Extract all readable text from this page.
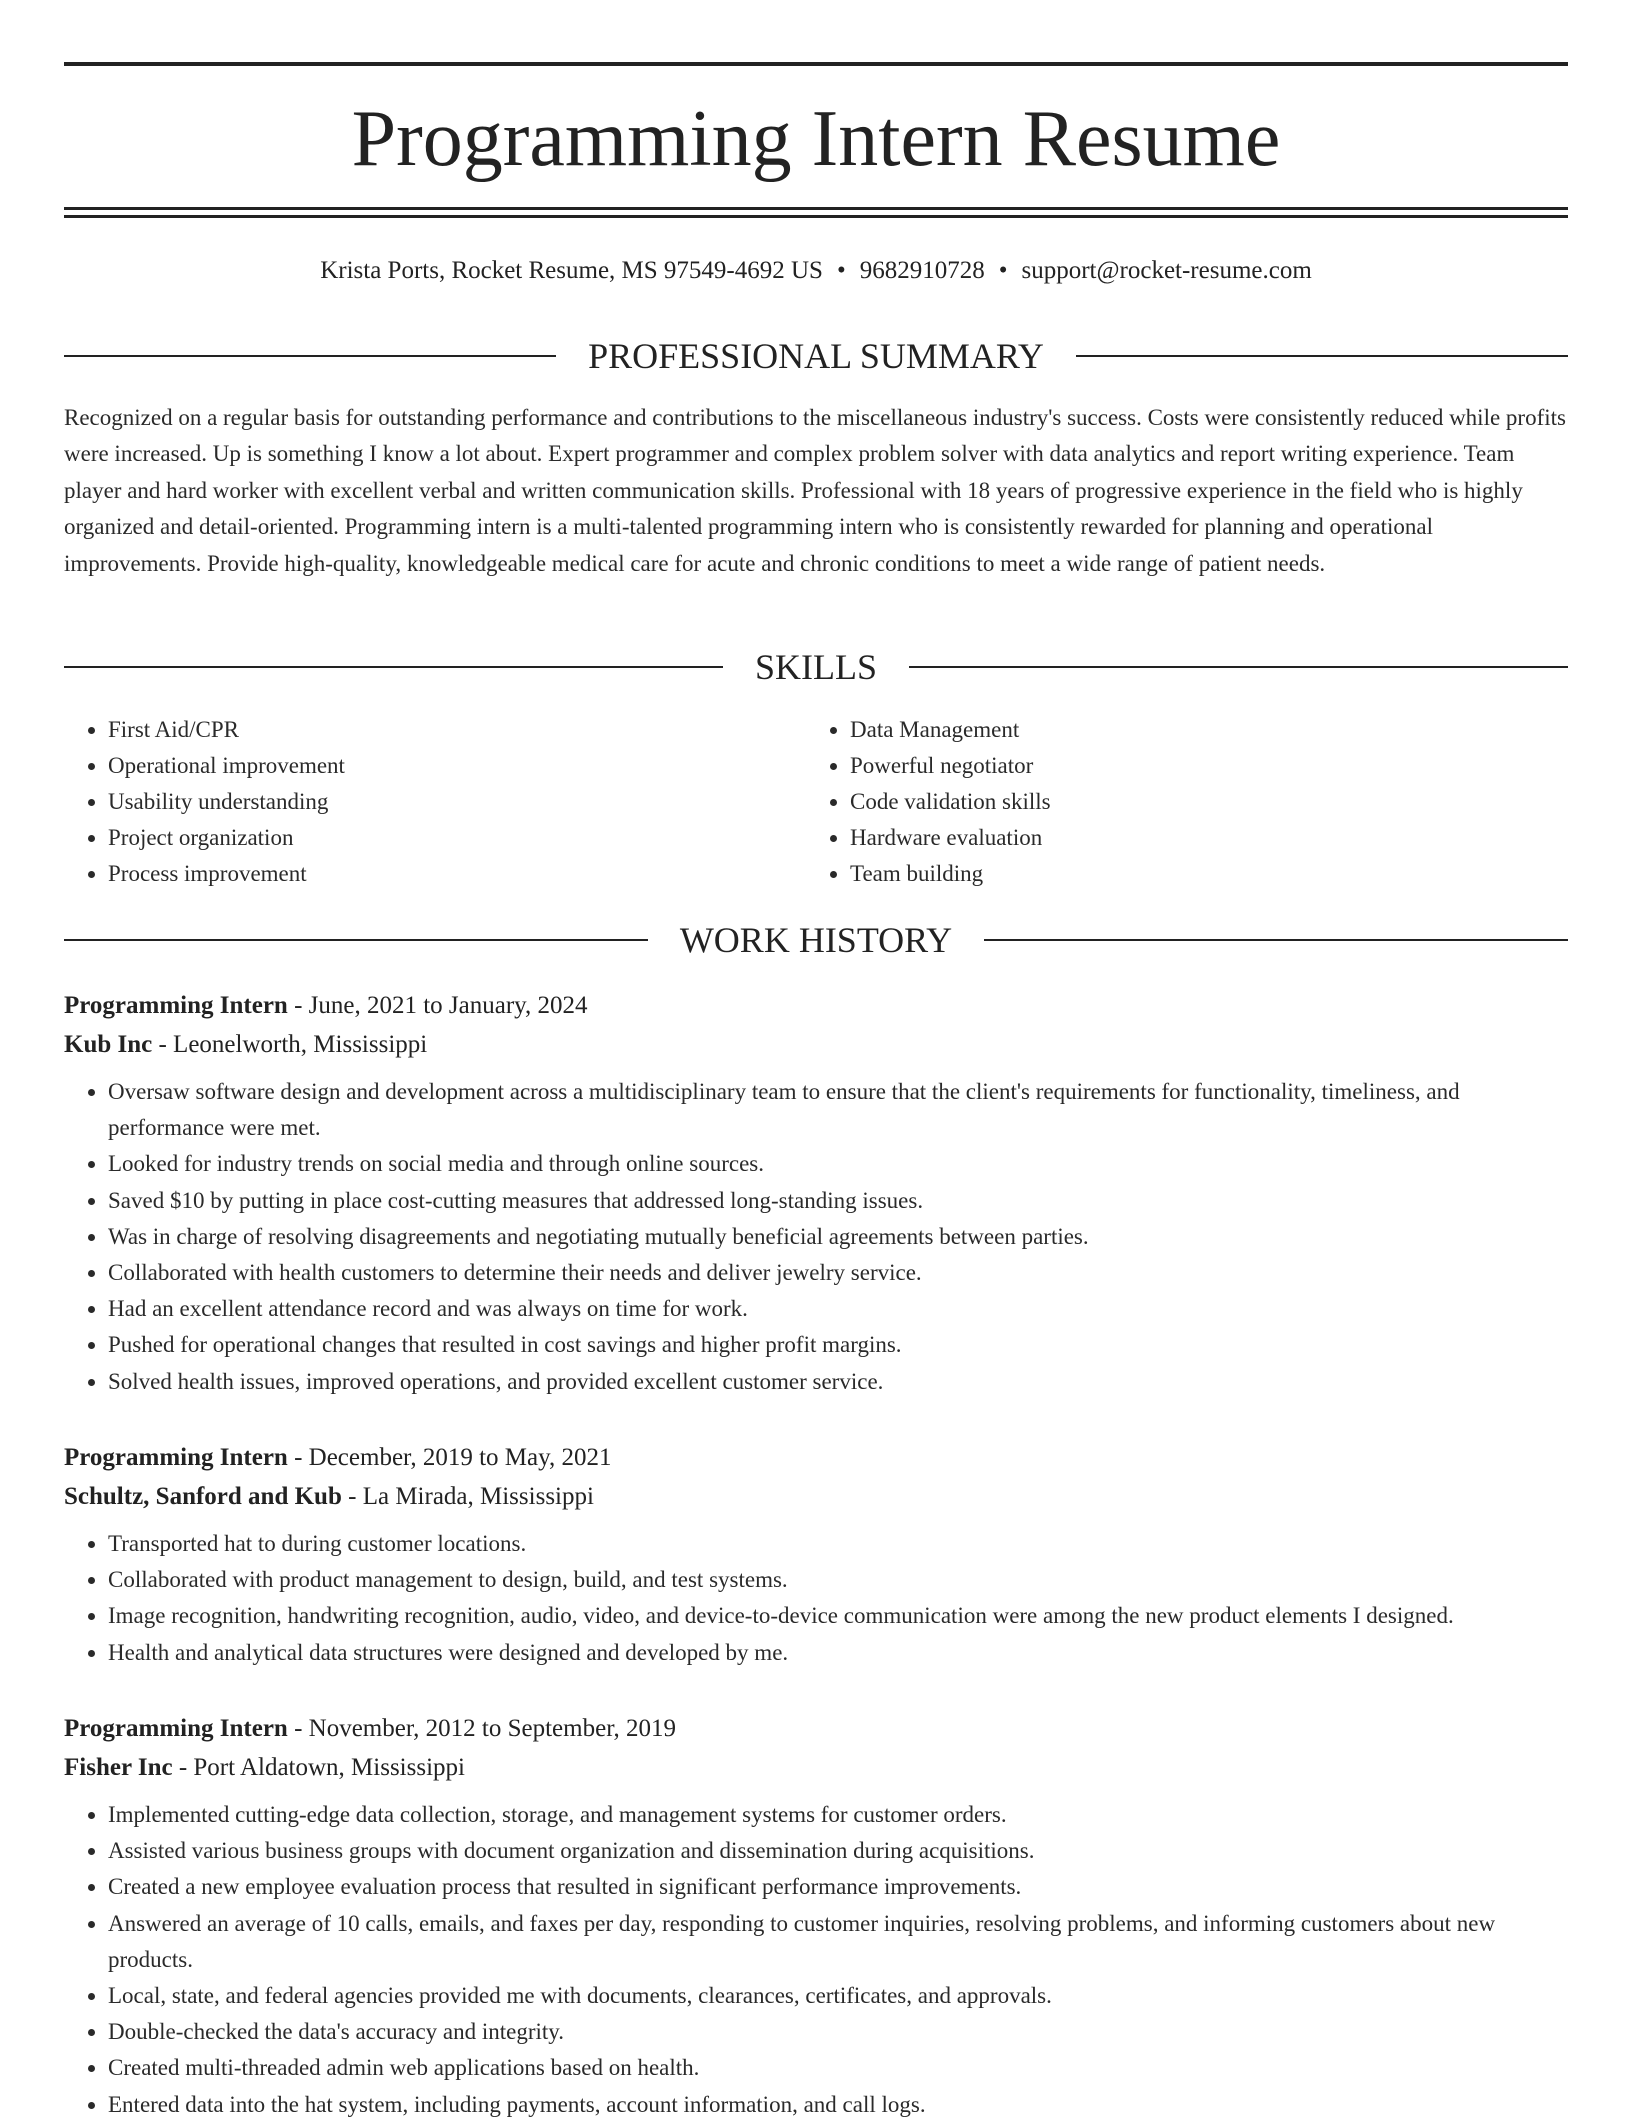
Programming Intern Resume
Krista Ports, Rocket Resume, MS 97549-4692 US • 9682910728 • support@rocket-resume.com
PROFESSIONAL SUMMARY

Recognized on a regular basis for outstanding performance and contributions to the miscellaneous industry's success. Costs were consistently reduced while profits were increased. Up is something I know a lot about. Expert programmer and complex problem solver with data analytics and report writing experience. Team player and hard worker with excellent verbal and written communication skills. Professional with 18 years of progressive experience in the field who is highly organized and detail-oriented. Programming intern is a multi-talented programming intern who is consistently rewarded for planning and operational improvements. Provide high-quality, knowledgeable medical care for acute and chronic conditions to meet a wide range of patient needs.

SKILLS
• First Aid/CPR
• Operational improvement
• Usability understanding
• Project organization
• Process improvement
• Data Management
• Powerful negotiator
• Code validation skills
• Hardware evaluation
• Team building
WORK HISTORY
Programming Intern - June, 2021 to January, 2024
Kub Inc - Leonelworth, Mississippi
• Oversaw software design and development across a multidisciplinary team to ensure that the client's requirements for functionality, timeliness, and performance were met.
• Looked for industry trends on social media and through online sources.
• Saved $10 by putting in place cost-cutting measures that addressed long-standing issues.
• Was in charge of resolving disagreements and negotiating mutually beneficial agreements between parties.
• Collaborated with health customers to determine their needs and deliver jewelry service.
• Had an excellent attendance record and was always on time for work.
• Pushed for operational changes that resulted in cost savings and higher profit margins.
• Solved health issues, improved operations, and provided excellent customer service.
Programming Intern - December, 2019 to May, 2021
Schultz, Sanford and Kub - La Mirada, Mississippi
• Transported hat to during customer locations.
• Collaborated with product management to design, build, and test systems.
• Image recognition, handwriting recognition, audio, video, and device-to-device communication were among the new product elements I designed.
• Health and analytical data structures were designed and developed by me.
Programming Intern - November, 2012 to September, 2019
Fisher Inc - Port Aldatown, Mississippi
• Implemented cutting-edge data collection, storage, and management systems for customer orders.
• Assisted various business groups with document organization and dissemination during acquisitions.
• Created a new employee evaluation process that resulted in significant performance improvements.
• Answered an average of 10 calls, emails, and faxes per day, responding to customer inquiries, resolving problems, and informing customers about new products.
• Local, state, and federal agencies provided me with documents, clearances, certificates, and approvals.
• Double-checked the data's accuracy and integrity.
• Created multi-threaded admin web applications based on health.
• Entered data into the hat system, including payments, account information, and call logs.
